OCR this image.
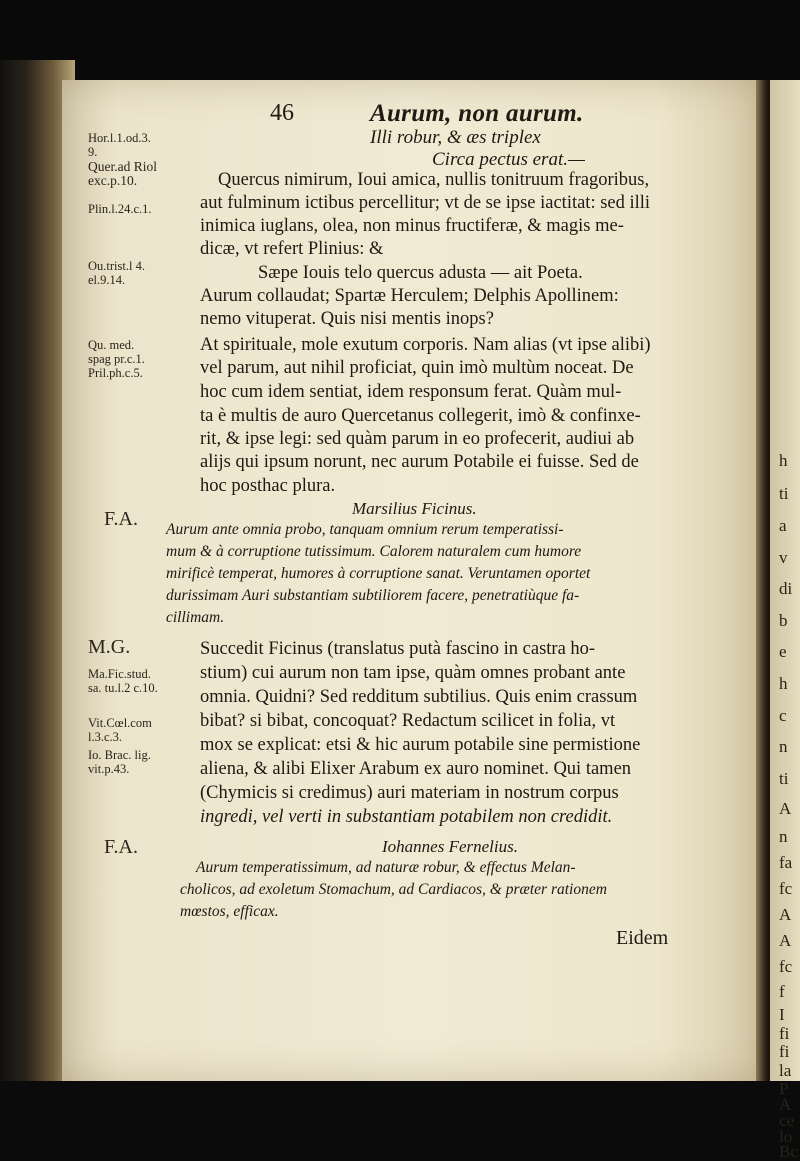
h
ti
a
v
di
b
e
h
c
n
ti
A
n
fa
fc
A
A
fc
f
I
fi
fi
la
P
A
ce
lo
Bc
46	Aurum, non aurum.
Hor.l.1.od.3.
9.
Quer.ad Riol
exc.p.10.
Plin.l.24.c.1.
Ou.trist.l 4.
el.9.14.
Qu. med.
spag pr.c.1.
Pril.ph.c.5.
F.A.
M.G.
Ma.Fic.stud.
sa. tu.l.2 c.10.
Vit.Cœl.com
l.3.c.3.
Io. Brac. lig.
vit.p.43.
F.A.
Illi robur, & æs triplex
Circa pectus erat.—
Quercus nimirum, Ioui amica, nullis tonitruum fragoribus,
aut fulminum ictibus percellitur; vt de se ipse iactitat: sed illi
inimica iuglans, olea, non minus fructiferæ, & magis me-
dicæ, vt refert Plinius: &
Sæpe Iouis telo quercus adusta — ait Poeta.
Aurum collaudat; Spartæ Herculem; Delphis Apollinem:
nemo vituperat. Quis nisi mentis inops?
At spirituale, mole exutum corporis. Nam alias (vt ipse alibi)
vel parum, aut nihil proficiat, quin imò multùm noceat. De
hoc cum idem sentiat, idem responsum ferat. Quàm mul-
ta è multis de auro Quercetanus collegerit, imò & confinxe-
rit, & ipse legi: sed quàm parum in eo profecerit, audiui ab
alijs qui ipsum norunt, nec aurum Potabile ei fuisse. Sed de
hoc posthac plura.
Marsilius Ficinus.
Aurum ante omnia probo, tanquam omnium rerum temperatissi-
mum & à corruptione tutissimum. Calorem naturalem cum humore
mirificè temperat, humores à corruptione sanat. Veruntamen oportet
durissimam Auri substantiam subtiliorem facere, penetratiùque fa-
cillimam.
Succedit Ficinus (translatus putà fascino in castra ho-
stium) cui aurum non tam ipse, quàm omnes probant ante
omnia. Quidni? Sed redditum subtilius. Quis enim crassum
bibat? si bibat, concoquat? Redactum scilicet in folia, vt
mox se explicat: etsi & hic aurum potabile sine permistione
aliena, & alibi Elixer Arabum ex auro nominet. Qui tamen
(Chymicis si credimus) auri materiam in nostrum corpus
ingredi, vel verti in substantiam potabilem non credidit.
Iohannes Fernelius.
Aurum temperatissimum, ad naturæ robur, & effectus Melan-
cholicos, ad exoletum Stomachum, ad Cardiacos, & præter rationem
mœstos, efficax.
Eidem
